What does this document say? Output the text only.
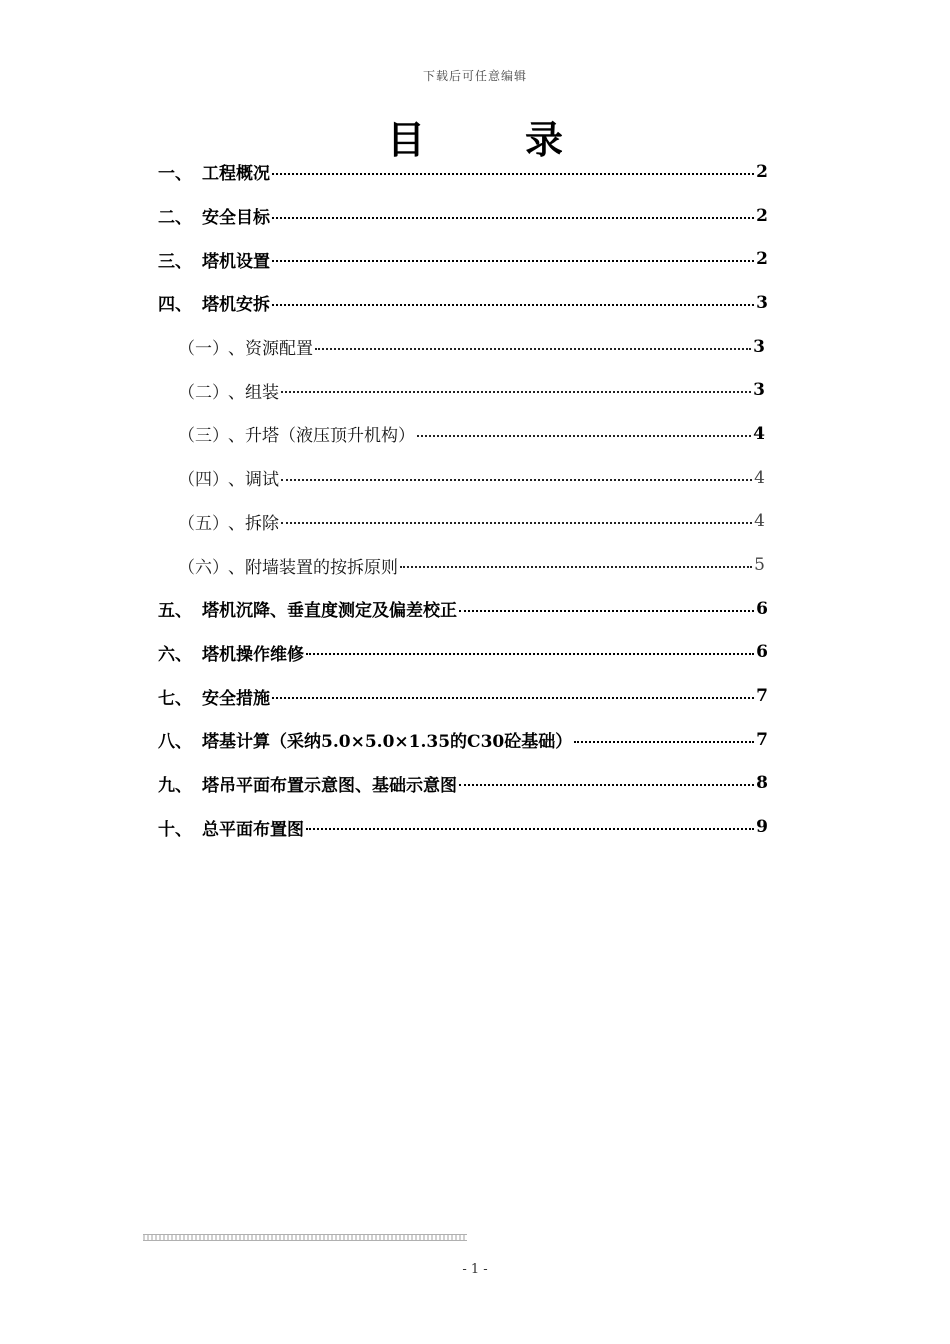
下载后可任意编辑
目	录
一、 工程概况	2
二、 安全目标	2
三、 塔机设置	2
四、 塔机安拆	3
（一） 、资源配置	3
（二） 、组装	3
（三） 、升塔（液压顶升机构）	4
（四） 、调试	4
（五） 、拆除	4
（六） 、附墙装置的按拆原则	5
五、 塔机沉降、垂直度测定及偏差校正	6
六、 塔机操作维修	6
七、 安全措施	7
八、 塔基计算（采纳5.0×5.0×1.35的C30砼基础）	7
九、 塔吊平面布置示意图、基础示意图	8
十、 总平面布置图	9
- 1 -
